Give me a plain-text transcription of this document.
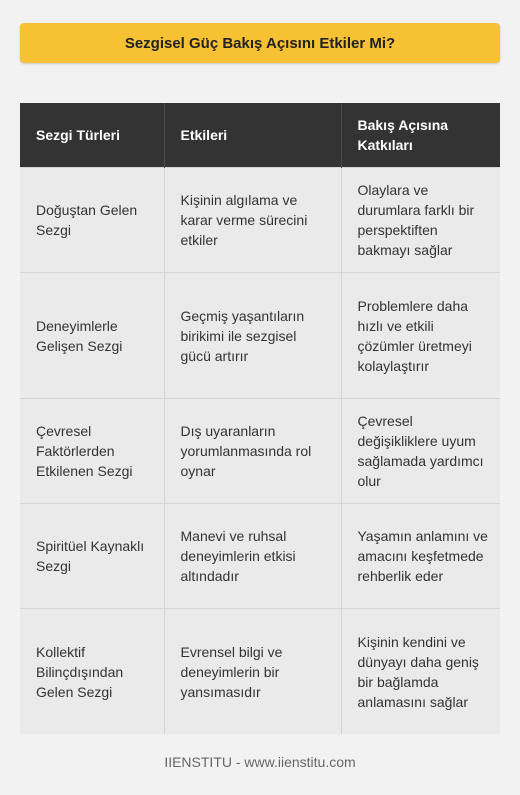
Sezgisel Güç Bakış Açısını Etkiler Mi?
Sezgi Türleri	Etkileri	Bakış Açısına Katkıları
Doğuştan Gelen Sezgi	Kişinin algılama ve karar verme sürecini etkiler	Olaylara ve durumlara farklı bir perspektiften bakmayı sağlar
Deneyimlerle Gelişen Sezgi	Geçmiş yaşantıların birikimi ile sezgisel gücü artırır	Problemlere daha hızlı ve etkili çözümler üretmeyi kolaylaştırır
Çevresel Faktörlerden Etkilenen Sezgi	Dış uyaranların yorumlanmasında rol oynar	Çevresel değişikliklere uyum sağlamada yardımcı olur
Spiritüel Kaynaklı Sezgi	Manevi ve ruhsal deneyimlerin etkisi altındadır	Yaşamın anlamını ve amacını keşfetmede rehberlik eder
Kollektif Bilinçdışından Gelen Sezgi	Evrensel bilgi ve deneyimlerin bir yansımasıdır	Kişinin kendini ve dünyayı daha geniş bir bağlamda anlamasını sağlar
IIENSTITU - www.iienstitu.com
